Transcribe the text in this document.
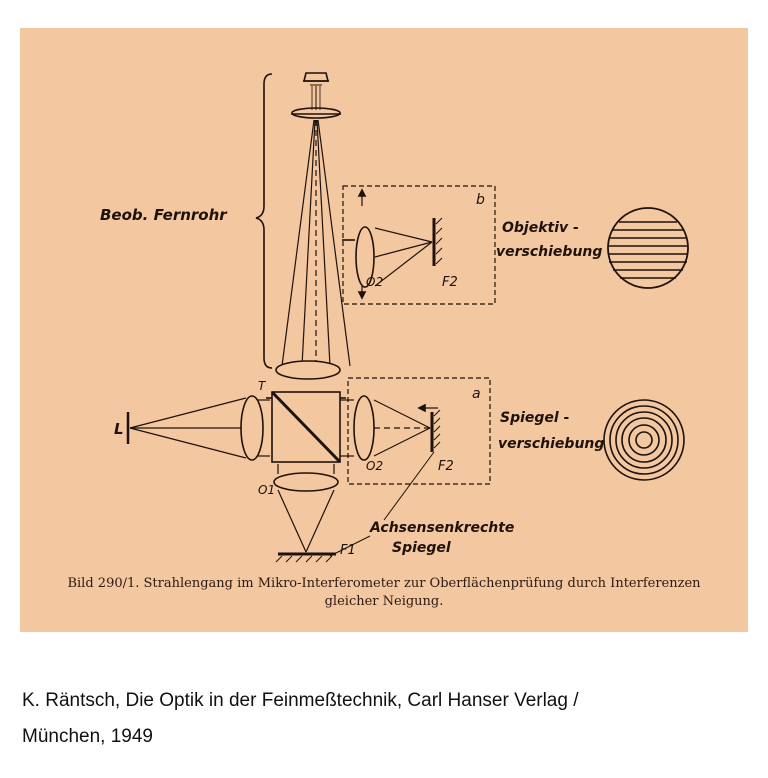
Beob. Fernrohr
L
T
O1
O2
O2
F1
F2
F2
a
b
Objektiv -
verschiebung
Spiegel -
verschiebung
Achsensenkrechte
Spiegel
Bild 290/1. Strahlengang im Mikro-Interferometer zur Oberflächenprüfung durch Interferenzen
gleicher Neigung.
K. Räntsch, Die Optik in der Feinmeßtechnik, Carl Hanser Verlag /
München, 1949
